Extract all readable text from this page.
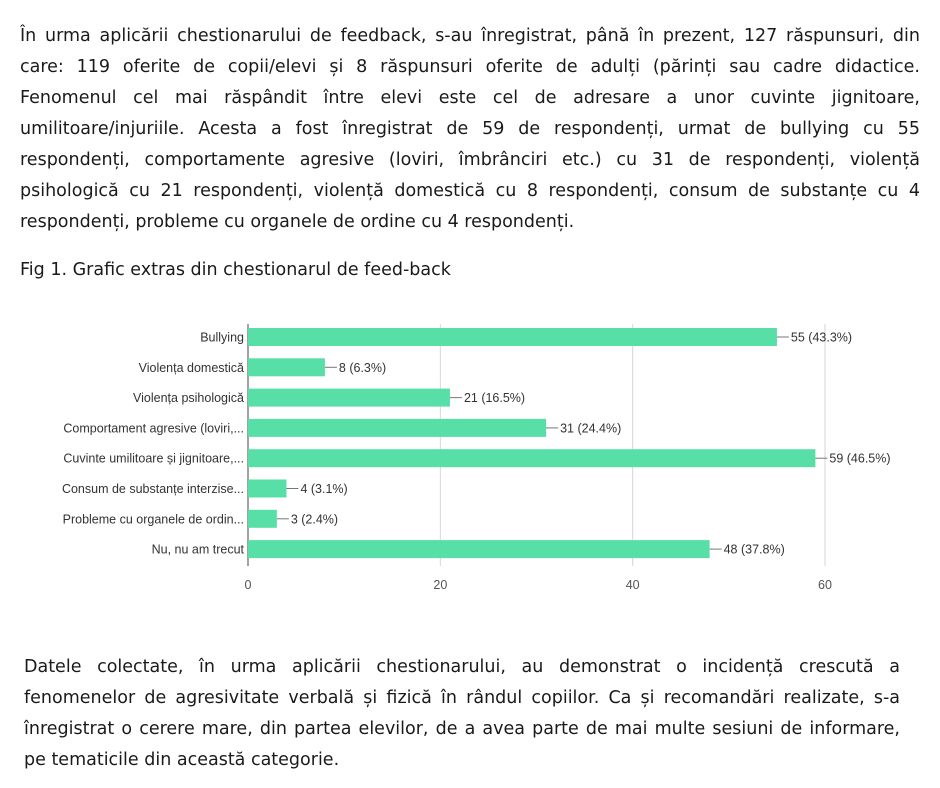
În urma aplicării chestionarului de feedback, s-au înregistrat, până în prezent, 127 răspunsuri, din care: 119 oferite de copii/elevi și 8 răspunsuri oferite de adulți (părinți sau cadre didactice. Fenomenul cel mai răspândit între elevi este cel de adresare a unor cuvinte jignitoare, umilitoare/injuriile. Acesta a fost înregistrat de 59 de respondenți, urmat de bullying cu 55 respondenți, comportamente agresive (loviri, îmbrânciri etc.) cu 31 de respondenți, violență psihologică cu 21 respondenți, violență domestică cu 8 respondenți, consum de substanțe cu 4 respondenți, probleme cu organele de ordine cu 4 respondenți.

Fig 1. Grafic extras din chestionarul de feed-back

0	20	40	60
Bullying	55 (43.3%)
Violența domestică	8 (6.3%)
Violența psihologică	21 (16.5%)
Comportament agresive (loviri,...	31 (24.4%)
Cuvinte umilitoare și jignitoare,...	59 (46.5%)
Consum de substanțe interzise...	4 (3.1%)
Probleme cu organele de ordin...	3 (2.4%)
Nu, nu am trecut	48 (37.8%)

Datele colectate, în urma aplicării chestionarului, au demonstrat o incidență crescută a fenomenelor de agresivitate verbală și fizică în rândul copiilor. Ca și recomandări realizate, s-a înregistrat o cerere mare, din partea elevilor, de a avea parte de mai multe sesiuni de informare, pe tematicile din această categorie.
